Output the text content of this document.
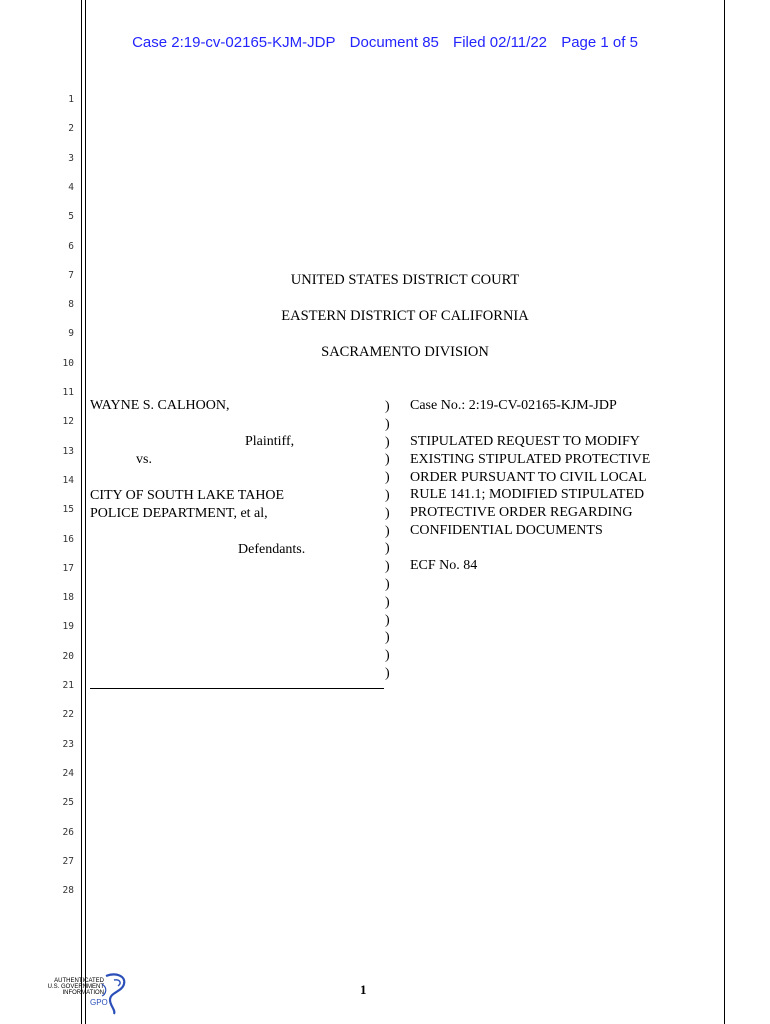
Case 2:19-cv-02165-KJM-JDP Document 85 Filed 02/11/22 Page 1 of 5
1
2
3
4
5
6
7
8
9
10
11
12
13
14
15
16
17
18
19
20
21
22
23
24
25
26
27
28
UNITED STATES DISTRICT COURT
EASTERN DISTRICT OF CALIFORNIA
SACRAMENTO DIVISION
WAYNE S. CALHOON,
Plaintiff,
vs.
CITY OF SOUTH LAKE TAHOE
POLICE DEPARTMENT, et al,
Defendants.
)
)
)
)
)
)
)
)
)
)
)
)
)
)
)
)
Case No.: 2:19-CV-02165-KJM-JDP
STIPULATED REQUEST TO MODIFY
EXISTING STIPULATED PROTECTIVE
ORDER PURSUANT TO CIVIL LOCAL
RULE 141.1; MODIFIED STIPULATED
PROTECTIVE ORDER REGARDING
CONFIDENTIAL DOCUMENTS
ECF No. 84
1
AUTHENTICATED
U.S. GOVERNMENT
INFORMATION
GPO
